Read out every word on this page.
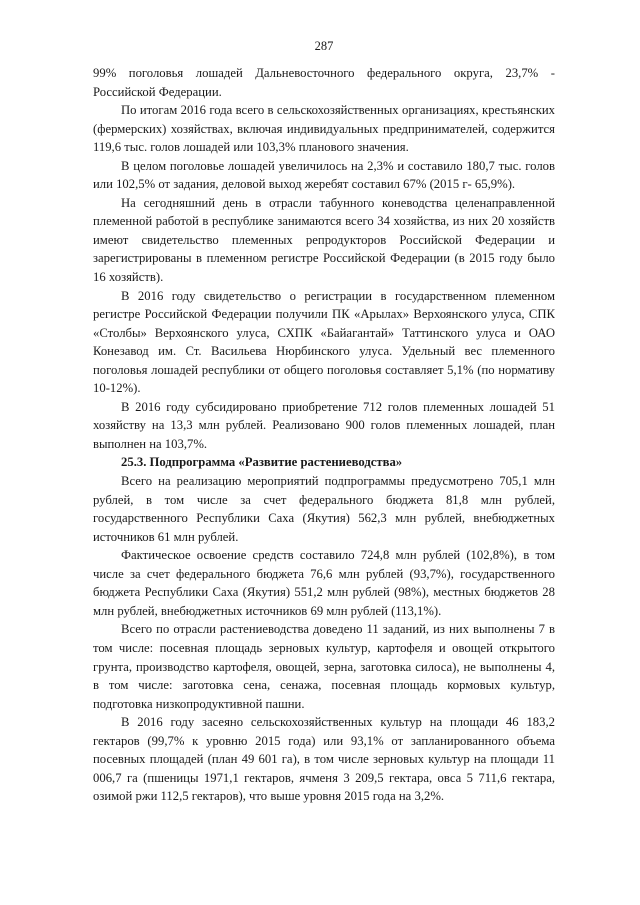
287

99% поголовья лошадей Дальневосточного федерального округа, 23,7% - Российской Федерации.

По итогам 2016 года всего в сельскохозяйственных организациях, крестьянских (фермерских) хозяйствах, включая индивидуальных предпринимателей, содержится 119,6 тыс. голов лошадей или 103,3% планового значения.

В целом поголовье лошадей увеличилось на 2,3% и составило 180,7 тыс. голов или 102,5% от задания, деловой выход жеребят составил 67% (2015 г- 65,9%).

На сегодняшний день в отрасли табунного коневодства целенаправленной племенной работой в республике занимаются всего 34 хозяйства, из них 20 хозяйств имеют свидетельство племенных репродукторов Российской Федерации и зарегистрированы в племенном регистре Российской Федерации (в 2015 году было 16 хозяйств).

В 2016 году свидетельство о регистрации в государственном племенном регистре Российской Федерации получили ПК «Арылах» Верхоянского улуса, СПК «Столбы» Верхоянского улуса, СХПК «Байагантай» Таттинского улуса и ОАО Конезавод им. Ст. Васильева Нюрбинского улуса. Удельный вес племенного поголовья лошадей республики от общего поголовья составляет 5,1% (по нормативу 10-12%).

В 2016 году субсидировано приобретение 712 голов племенных лошадей 51 хозяйству на 13,3 млн рублей. Реализовано 900 голов племенных лошадей, план выполнен на 103,7%.

25.3. Подпрограмма «Развитие растениеводства»

Всего на реализацию мероприятий подпрограммы предусмотрено 705,1 млн рублей, в том числе за счет федерального бюджета 81,8 млн рублей, государственного Республики Саха (Якутия) 562,3 млн рублей, внебюджетных источников 61 млн рублей.

Фактическое освоение средств составило 724,8 млн рублей (102,8%), в том числе за счет федерального бюджета 76,6 млн рублей (93,7%), государственного бюджета Республики Саха (Якутия) 551,2 млн рублей (98%), местных бюджетов 28 млн рублей, внебюджетных источников 69 млн рублей (113,1%).

Всего по отрасли растениеводства доведено 11 заданий, из них выполнены 7 в том числе: посевная площадь зерновых культур, картофеля и овощей открытого грунта, производство картофеля, овощей, зерна, заготовка силоса), не выполнены 4, в том числе: заготовка сена, сенажа, посевная площадь кормовых культур, подготовка низкопродуктивной пашни.

В 2016 году засеяно сельскохозяйственных культур на площади 46 183,2 гектаров (99,7% к уровню 2015 года) или 93,1% от запланированного объема посевных площадей (план 49 601 га), в том числе зерновых культур на площади 11 006,7 га (пшеницы 1971,1 гектаров, ячменя 3 209,5 гектара, овса 5 711,6 гектара, озимой ржи 112,5 гектаров), что выше уровня 2015 года на 3,2%.
